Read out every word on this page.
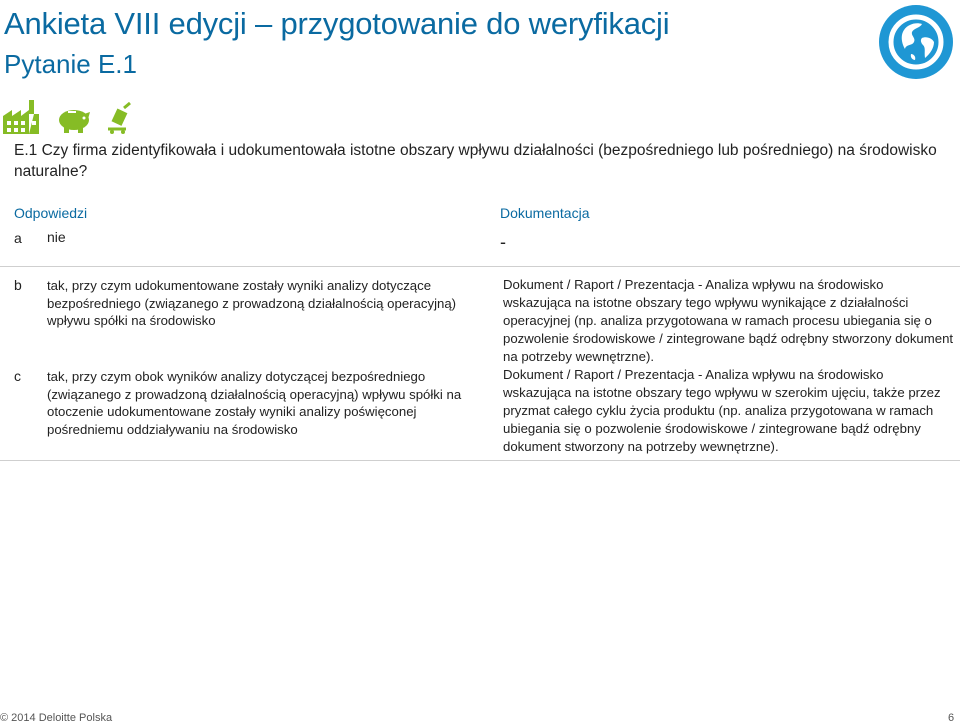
Ankieta VIII edycji – przygotowanie do weryfikacji
Pytanie E.1

E.1 Czy firma zidentyfikowała i udokumentowała istotne obszary wpływu działalności (bezpośredniego lub pośredniego) na środowisko naturalne?

Odpowiedzi	Dokumentacja
a nie	-
b tak, przy czym udokumentowane zostały wyniki analizy dotyczące bezpośredniego (związanego z prowadzoną działalnością operacyjną) wpływu spółki na środowisko
Dokument / Raport / Prezentacja - Analiza wpływu na środowisko wskazująca na istotne obszary tego wpływu wynikające z działalności operacyjnej (np. analiza przygotowana w ramach procesu ubiegania się o pozwolenie środowiskowe / zintegrowane bądź odrębny stworzony dokument na potrzeby wewnętrzne).
c tak, przy czym obok wyników analizy dotyczącej bezpośredniego (związanego z prowadzoną działalnością operacyjną) wpływu spółki na otoczenie udokumentowane zostały wyniki analizy poświęconej pośredniemu oddziaływaniu na środowisko
Dokument / Raport / Prezentacja - Analiza wpływu na środowisko wskazująca na istotne obszary tego wpływu w szerokim ujęciu, także przez pryzmat całego cyklu życia produktu (np. analiza przygotowana w ramach ubiegania się o pozwolenie środowiskowe / zintegrowane bądź odrębny dokument stworzony na potrzeby wewnętrzne).
© 2014 Deloitte Polska	6
